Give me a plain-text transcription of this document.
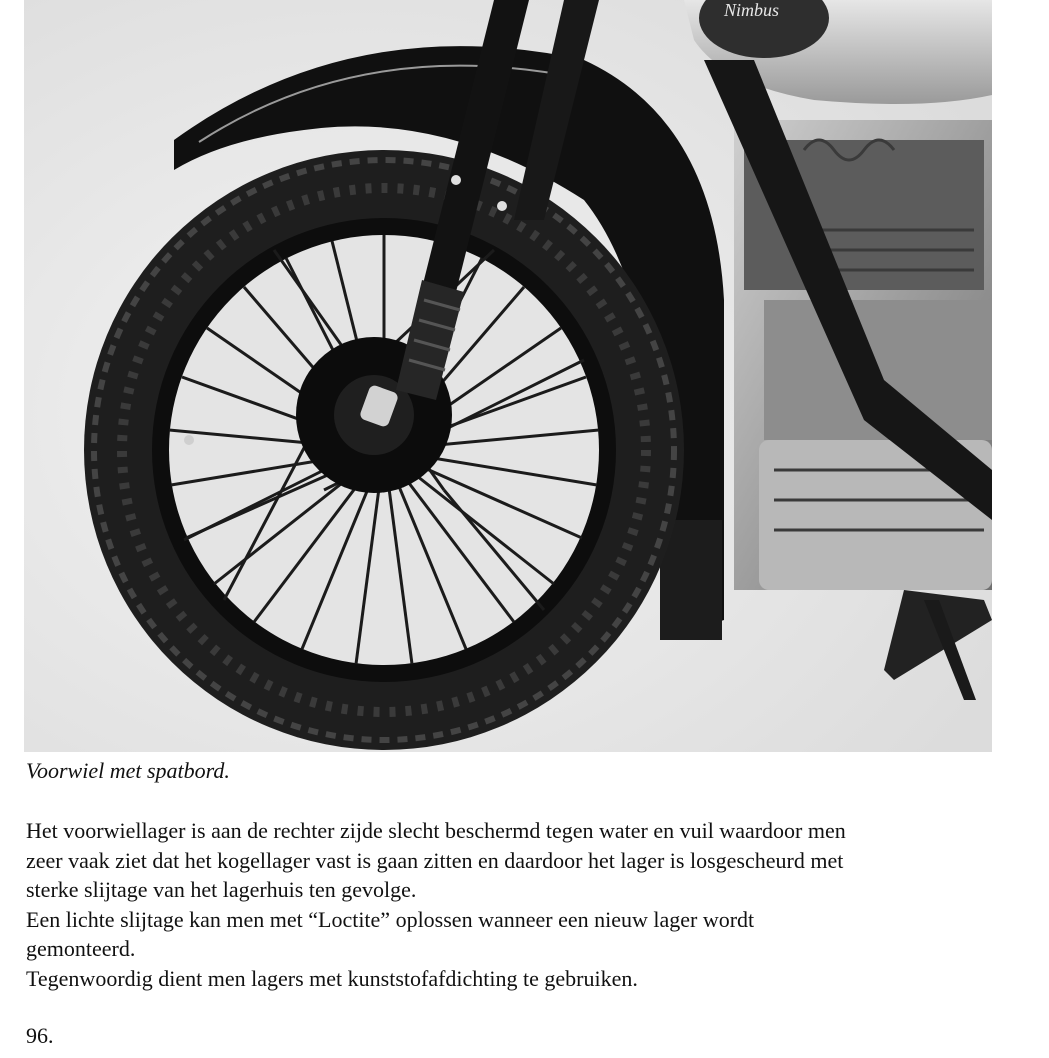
Nimbus
Voorwiel met spatbord.

Het voorwiellager is aan de rechter zijde slecht beschermd tegen water en vuil waardoor men

zeer vaak ziet dat het kogellager vast is gaan zitten en daardoor het lager is losgescheurd met

sterke slijtage van het lagerhuis ten gevolge.

Een lichte slijtage kan men met “Loctite” oplossen wanneer een nieuw lager wordt

gemonteerd.

Tegenwoordig dient men lagers met kunststofafdichting te gebruiken.

96.
